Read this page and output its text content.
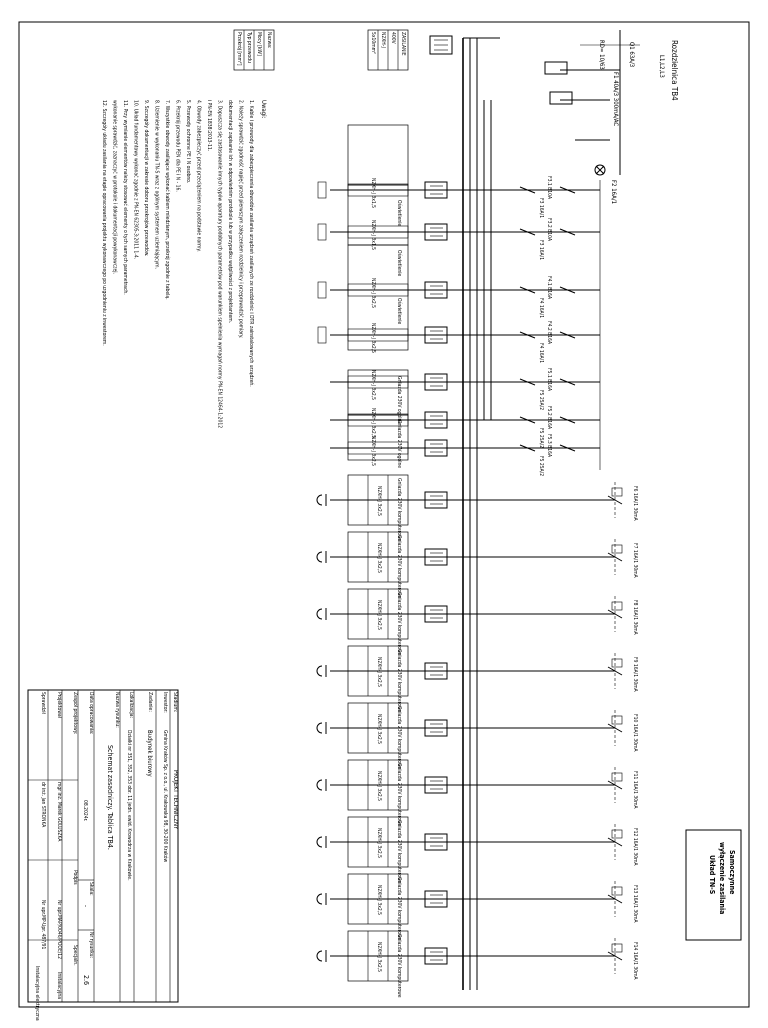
Rozdzielnica TB4
L1,L2,L3
Q1 63A/3
F1 40A/3 300mA/AC
RD= 10/63
F2 16A/1
ZASILANIE
400V
N2XH-J
5x10mm²
Nazwa:
Mocy [kW]
Typ przewodu
Przekrój [mm²]
F3.1 B10A
F3 16A/1
N2XH-J 3x1,5
F3.2 B10A
F3 16A/1
N2XH-J 3x1,5
F4.1 B16A
F4 16A/1
N2XH-J 3x2,5
F4.2 B16A
F4 16A/1
N2XH-J 3x2,5
F5.1 B16A
F5 25A/2
N2XH-J 3x2,5
F5.2 B16A
F5 25A/2
N2XH-J 3x2,5
F5.3 B16A
F5 25A/2
N2XH-J 3x2,5
F6 16A/1 30mA
Gniazda 230V komputerowe
N2XH-J 3x2,5
F7 16A/1 30mA
Gniazda 230V komputerowe
N2XH-J 3x2,5
F8 16A/1 30mA
Gniazda 230V komputerowe
N2XH-J 3x2,5
F9 16A/1 30mA
Gniazda 230V komputerowe
N2XH-J 3x2,5
F10 16A/1 30mA
Gniazda 230V komputerowe
N2XH-J 3x2,5
F11 16A/1 30mA
Gniazda 230V komputerowe
N2XH-J 3x2,5
F12 16A/1 30mA
Gniazda 230V komputerowe
N2XH-J 3x2,5
F13 16A/1 30mA
Gniazda 230V komputerowe
N2XH-J 3x2,5
F14 16A/1 30mA
Gniazda 230V komputerowe
N2XH-J 3x2,5
Oświetlenie
Oświetlenie
Oświetlenie
Gniazda 230V ogólne
Gniazda 230V ogólne
Samoczynne
wyłączenie zasilania
Układ TN-S
Uwagi:
1. Kable i przewody dla zabezpieczenia obwodów zasilania urządzeń zasilanych ze rozdzielnic i DTR zainstalowanych urządzeń.
2. Należy sprawdzić zgodność napięć przed pierwszym załączeniem rozdzielnicy i przeprowadzić pomiary.
dokumentacji zapisanie ich w odpowiednim protokole lub w przypadku wątpliwości z projektantem.
3. Dopuszcza się zastosowanie innych typów aparatury podobnych parametrów pod warunkiem spełnienia wymagań normy PN-EN 12464-1:2012
i PN-EN 1838:2013-11.
4. Obwody zabezpieczyć przed przeciążeniem na podstawie normy.
5. Przewody ochronne PE i N osobno.
6. Przekrój przewodu PEN dla PE i N - 16.
7. Wszystkie obwody zasilające wykonać kablem miedzianym, przekrój zgodnie z tabelą.
8. Uziemienie w wykonaniu TN-S wraz z ogólnym systemem uziemiającym.
9. Szczegóły dokumentacji w zakresie doboru przekrojów przewodów.
10. Układ fundamentowy wykonać zgodnie z PN-EN 62305-3:2011 1-4.
11. Przy wymianie elementów należy stosować elementy o tych samych parametrach.
wykonanie sprawdzić, zaznaczyć w protokole i dokumentacji powykonawczej.
12. Szczegóły układu zasilania na etapie opracowania projektu wykonawczego po uzgodnieniu z inwestorem.
Stadium:
PROJEKT TECHNICZNY
Inwestor:
Gmina Kraków Sp. z o.o., ul. Krakowska 98, 30-200 Kraków
Zadanie:
Budynek biurowy
Lokalizacja:
Działki nr 351, 352, 353 obr. 11 jedn. ewid. Krowodrza w Krakowie.
Nazwa rysunku:
Schemat zasadniczy. Tablica TB4.
Data opracowania:
08.2024r.
Skala:
-
Nr rysunku:
2.6
Zespół projektowy:
Podpis
Specjaln.
Projektował
mgr inż. Marek GOLUSZKA
Nr upr.
MAP/0046/POOE/12
Instalacyjna
Sprawdził
dr inż. Jan STRONKA
Nr upr.
MP-Upr. 487/91
Instalacyjna elektryczna
